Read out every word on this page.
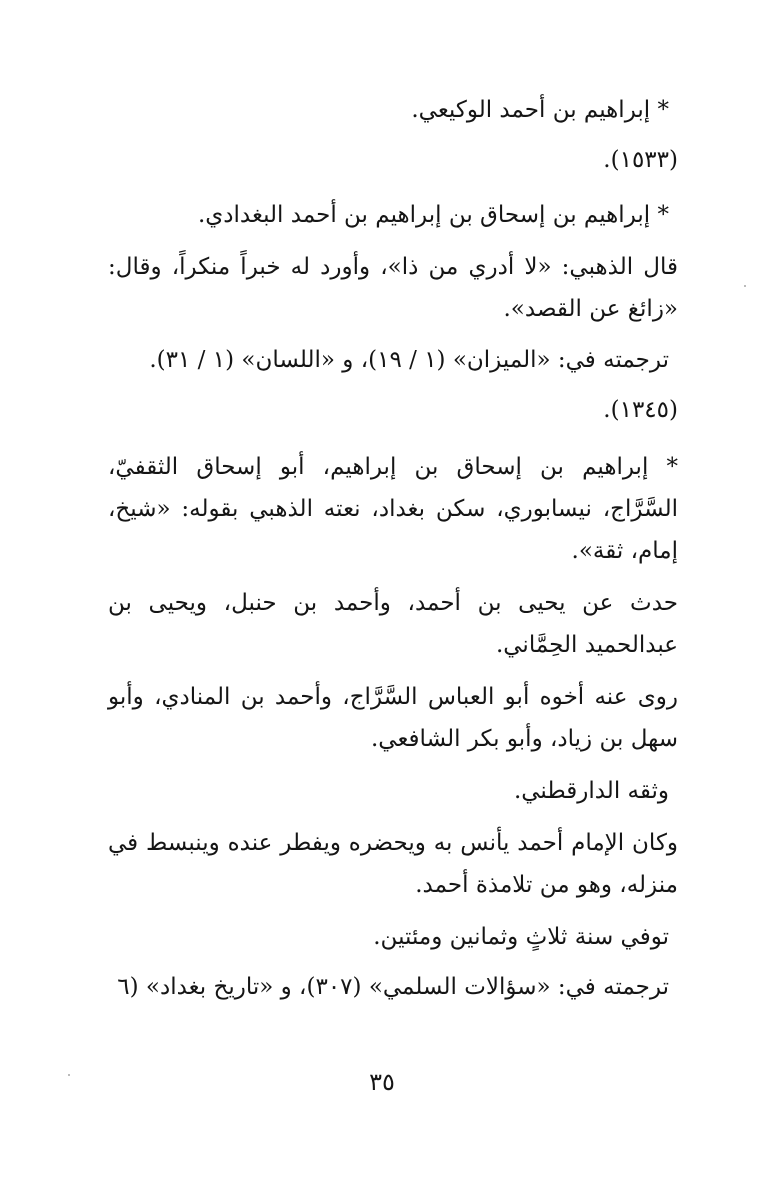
* إبراهيم بن أحمد الوكيعي.
(١٥٣٣).
* إبراهيم بن إسحاق بن إبراهيم بن أحمد البغدادي.
قال الذهبي: «لا أدري من ذا»، وأورد له خبراً منكراً، وقال:
«زائغ عن القصد».
ترجمته في: «الميزان» (١ / ١٩)، و «اللسان» (١ / ٣١).
(١٣٤٥).
* إبراهيم بن إسحاق بن إبراهيم، أبو إسحاق الثقفيّ،
السَّرَّاج، نيسابوري، سكن بغداد، نعته الذهبي بقوله: «شيخ،
إمام، ثقة».
حدث عن يحيى بن أحمد، وأحمد بن حنبل، ويحيى بن
عبدالحميد الحِمَّاني.
روى عنه أخوه أبو العباس السَّرَّاج، وأحمد بن المنادي، وأبو
سهل بن زياد، وأبو بكر الشافعي.
وثقه الدارقطني.
وكان الإمام أحمد يأنس به ويحضره ويفطر عنده وينبسط في
منزله، وهو من تلامذة أحمد.
توفي سنة ثلاثٍ وثمانين ومئتين.
ترجمته في: «سؤالات السلمي» (٣٠٧)، و «تاريخ بغداد» (٦
٣٥
